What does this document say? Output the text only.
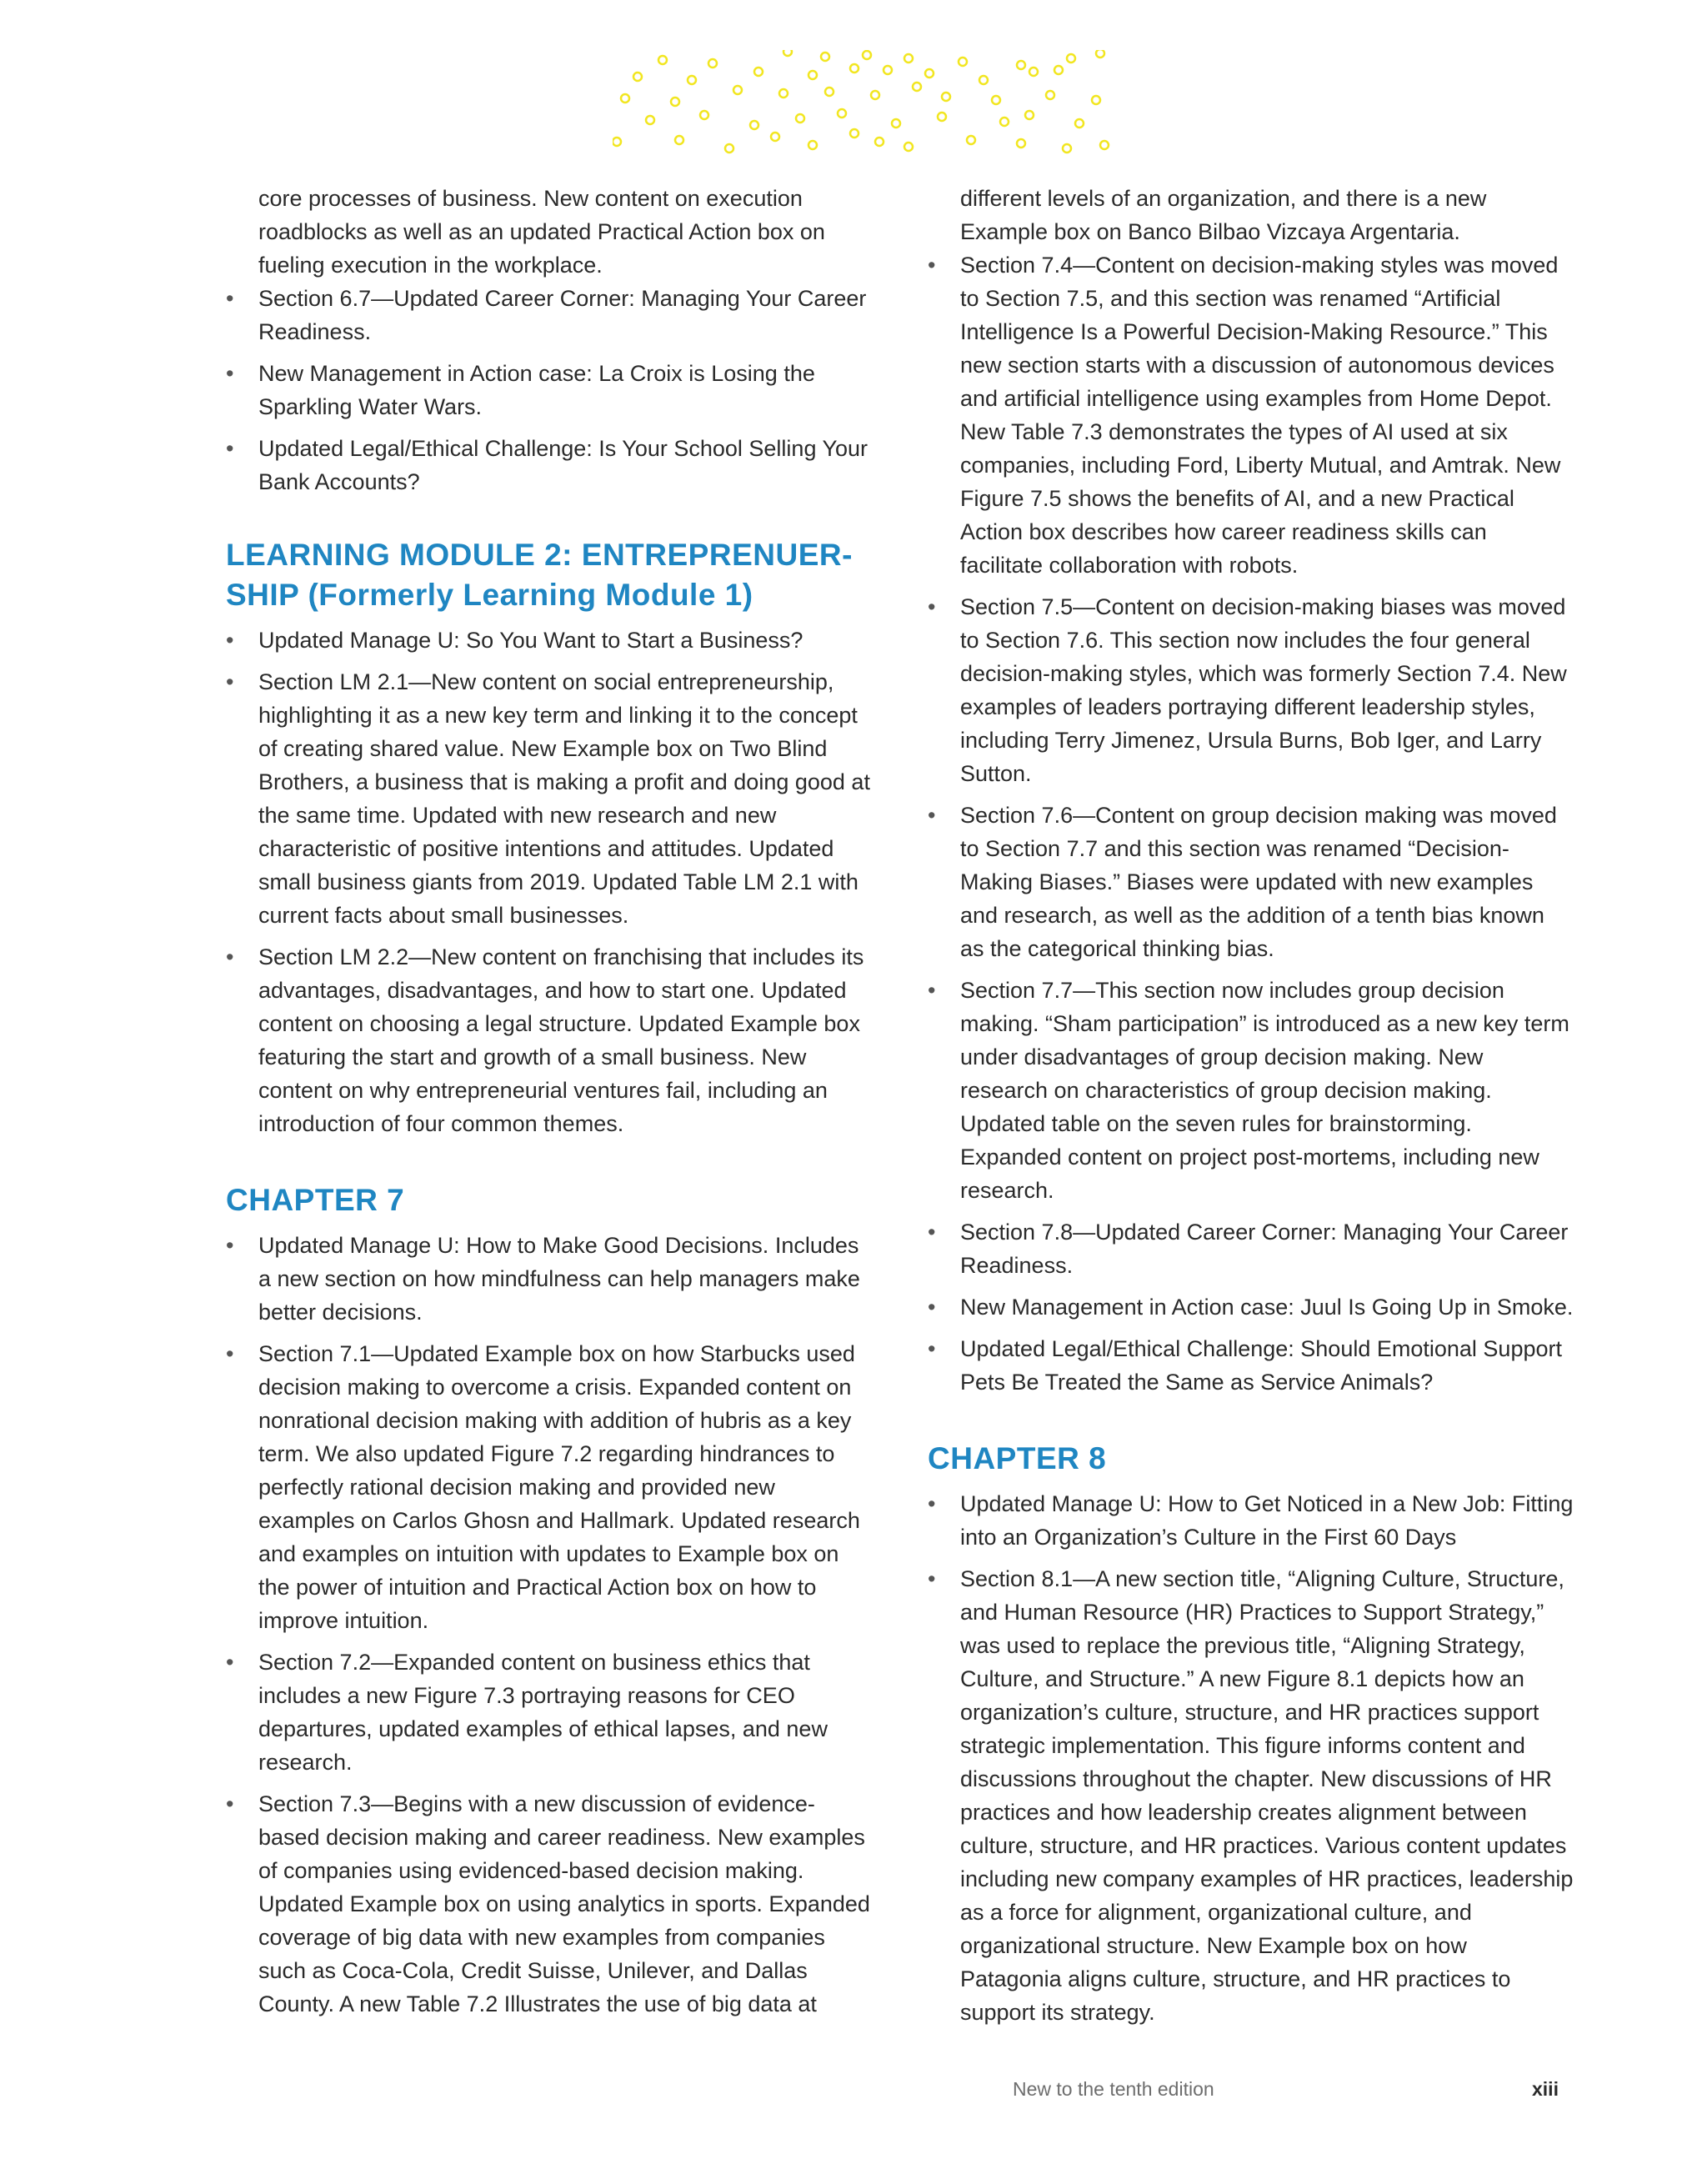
core processes of business. New content on execution roadblocks as well as an updated Practical Action box on fueling execution in the workplace.

• Section 6.7—Updated Career Corner: Managing Your Career Readiness.
• New Management in Action case: La Croix is Losing the Sparkling Water Wars.
• Updated Legal/Ethical Challenge: Is Your School Selling Your Bank Accounts?
LEARNING MODULE 2: ENTREPRENUER-
SHIP (Formerly Learning Module 1)
• Updated Manage U: So You Want to Start a Business?
• Section LM 2.1—New content on social entrepreneurship, highlighting it as a new key term and linking it to the concept of creating shared value. New Example box on Two Blind Brothers, a business that is making a profit and doing good at the same time. Updated with new research and new characteristic of positive intentions and attitudes. Updated small business giants from 2019. Updated Table LM 2.1 with current facts about small businesses.
• Section LM 2.2—New content on franchising that includes its advantages, disadvantages, and how to start one. Updated content on choosing a legal structure. Updated Example box featuring the start and growth of a small business. New content on why entrepreneurial ventures fail, including an introduction of four common themes.
CHAPTER 7
• Updated Manage U: How to Make Good Decisions. Includes a new section on how mindfulness can help managers make better decisions.
• Section 7.1—Updated Example box on how Starbucks used decision making to overcome a crisis. Expanded content on nonrational decision making with addition of hubris as a key term. We also updated Figure 7.2 regarding hindrances to perfectly rational decision making and provided new examples on Carlos Ghosn and Hallmark. Updated research and examples on intuition with updates to Example box on the power of intuition and Practical Action box on how to improve intuition.
• Section 7.2—Expanded content on business ethics that includes a new Figure 7.3 portraying reasons for CEO departures, updated examples of ethical lapses, and new research.
• Section 7.3—Begins with a new discussion of evidence-based decision making and career readiness. New examples of companies using evidenced-based decision making. Updated Example box on using analytics in sports. Expanded coverage of big data with new examples from companies such as Coca-Cola, Credit Suisse, Unilever, and Dallas County. A new Table 7.2 Illustrates the use of big data at

different levels of an organization, and there is a new Example box on Banco Bilbao Vizcaya Argentaria.

• Section 7.4—Content on decision-making styles was moved to Section 7.5, and this section was renamed “Artificial Intelligence Is a Powerful Decision-Making Resource.” This new section starts with a discussion of autonomous devices and artificial intelligence using examples from Home Depot. New Table 7.3 demonstrates the types of AI used at six companies, including Ford, Liberty Mutual, and Amtrak. New Figure 7.5 shows the benefits of AI, and a new Practical Action box describes how career readiness skills can facilitate collaboration with robots.
• Section 7.5—Content on decision-making biases was moved to Section 7.6. This section now includes the four general decision-making styles, which was formerly Section 7.4. New examples of leaders portraying different leadership styles, including Terry Jimenez, Ursula Burns, Bob Iger, and Larry Sutton.
• Section 7.6—Content on group decision making was moved to Section 7.7 and this section was renamed “Decision-Making Biases.” Biases were updated with new examples and research, as well as the addition of a tenth bias known as the categorical thinking bias.
• Section 7.7—This section now includes group decision making. “Sham participation” is introduced as a new key term under disadvantages of group decision making. New research on characteristics of group decision making. Updated table on the seven rules for brainstorming. Expanded content on project post-mortems, including new research.
• Section 7.8—Updated Career Corner: Managing Your Career Readiness.
• New Management in Action case: Juul Is Going Up in Smoke.
• Updated Legal/Ethical Challenge: Should Emotional Support Pets Be Treated the Same as Service Animals?
CHAPTER 8
• Updated Manage U: How to Get Noticed in a New Job: Fitting into an Organization’s Culture in the First 60 Days
• Section 8.1—A new section title, “Aligning Culture, Structure, and Human Resource (HR) Practices to Support Strategy,” was used to replace the previous title, “Aligning Strategy, Culture, and Structure.” A new Figure 8.1 depicts how an organization’s culture, structure, and HR practices support strategic implementation. This figure informs content and discussions throughout the chapter. New discussions of HR practices and how leadership creates alignment between culture, structure, and HR practices. Various content updates including new company examples of HR practices, leadership as a force for alignment, organizational culture, and organizational structure. New Example box on how Patagonia aligns culture, structure, and HR practices to support its strategy.
New to the tenth edition	xiii
